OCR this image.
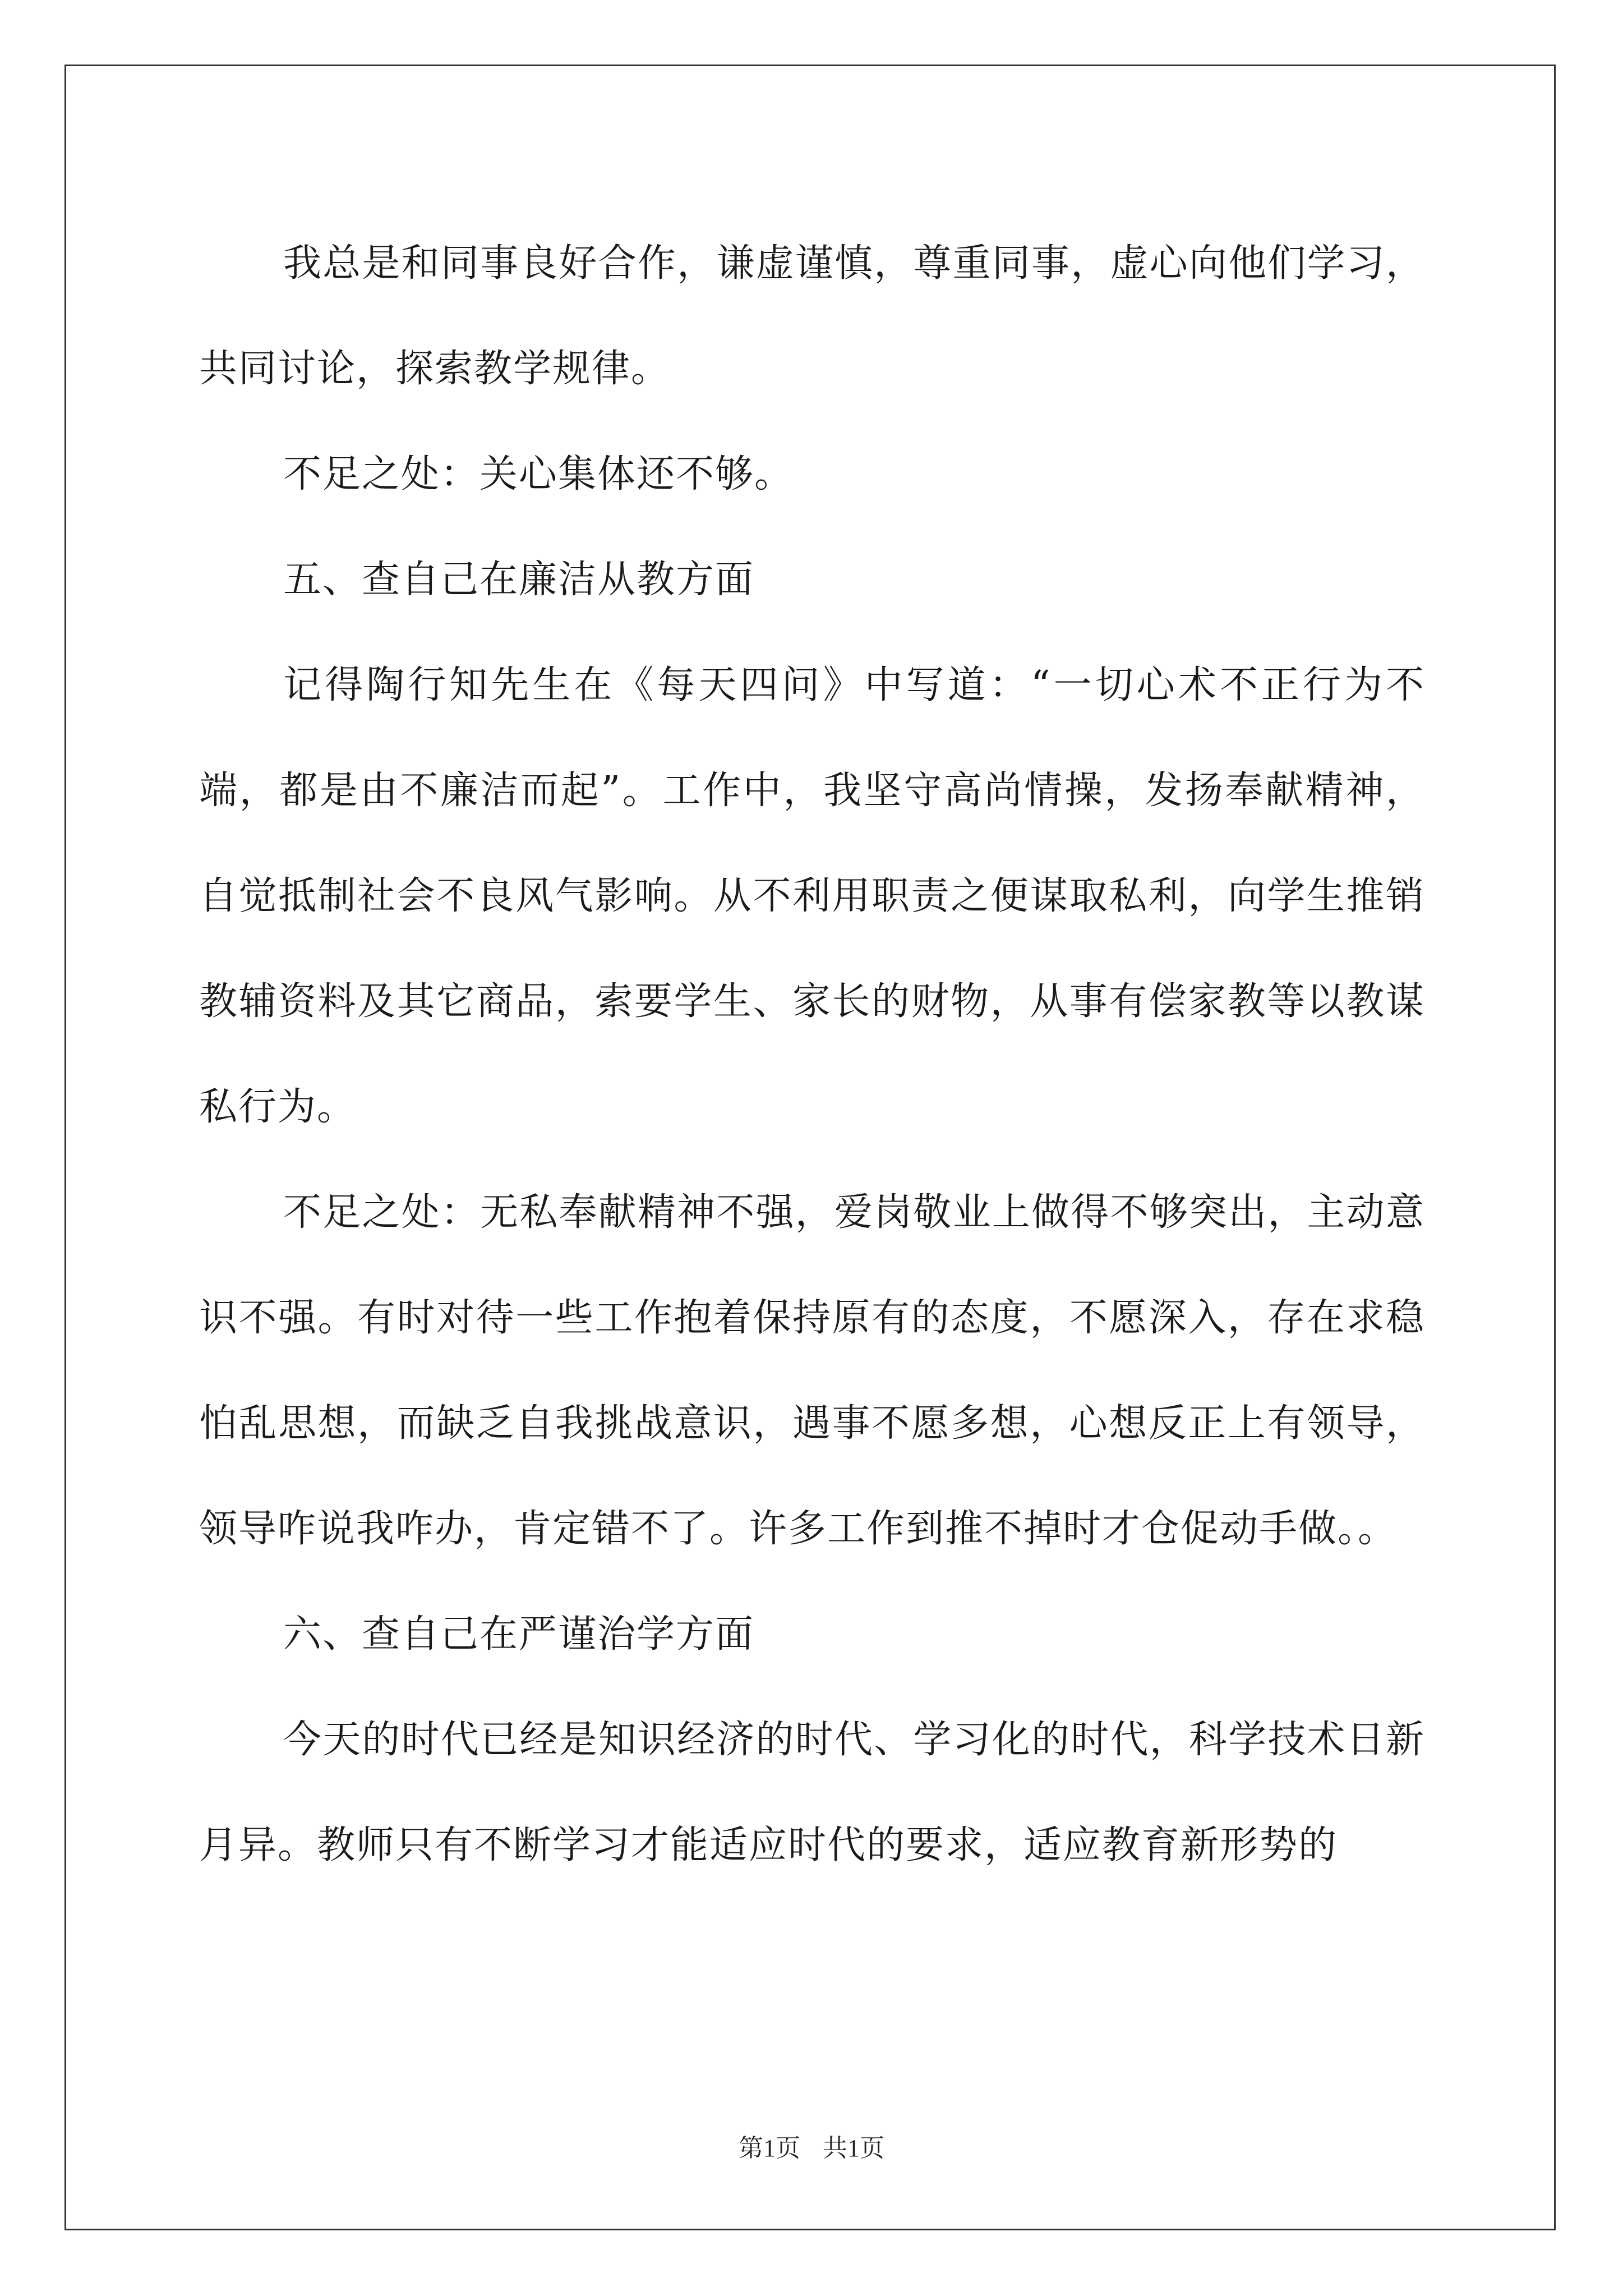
我总是和同事良好合作，谦虚谨慎，尊重同事，虚心向他们学习，共同讨论，探索教学规律。

不足之处：关心集体还不够。

五、查自己在廉洁从教方面

记得陶行知先生在《每天四问》中写道：“一切心术不正行为不端，都是由不廉洁而起”。工作中，我坚守高尚情操，发扬奉献精神，自觉抵制社会不良风气影响。从不利用职责之便谋取私利，向学生推销教辅资料及其它商品，索要学生、家长的财物，从事有偿家教等以教谋私行为。

不足之处：无私奉献精神不强，爱岗敬业上做得不够突出，主动意识不强。有时对待一些工作抱着保持原有的态度，不愿深入，存在求稳怕乱思想，而缺乏自我挑战意识，遇事不愿多想，心想反正上有领导，领导咋说我咋办，肯定错不了。许多工作到推不掉时才仓促动手做。。

六、查自己在严谨治学方面

今天的时代已经是知识经济的时代、学习化的时代，科学技术日新月异。教师只有不断学习才能适应时代的要求，适应教育新形势的

第1页 共1页
